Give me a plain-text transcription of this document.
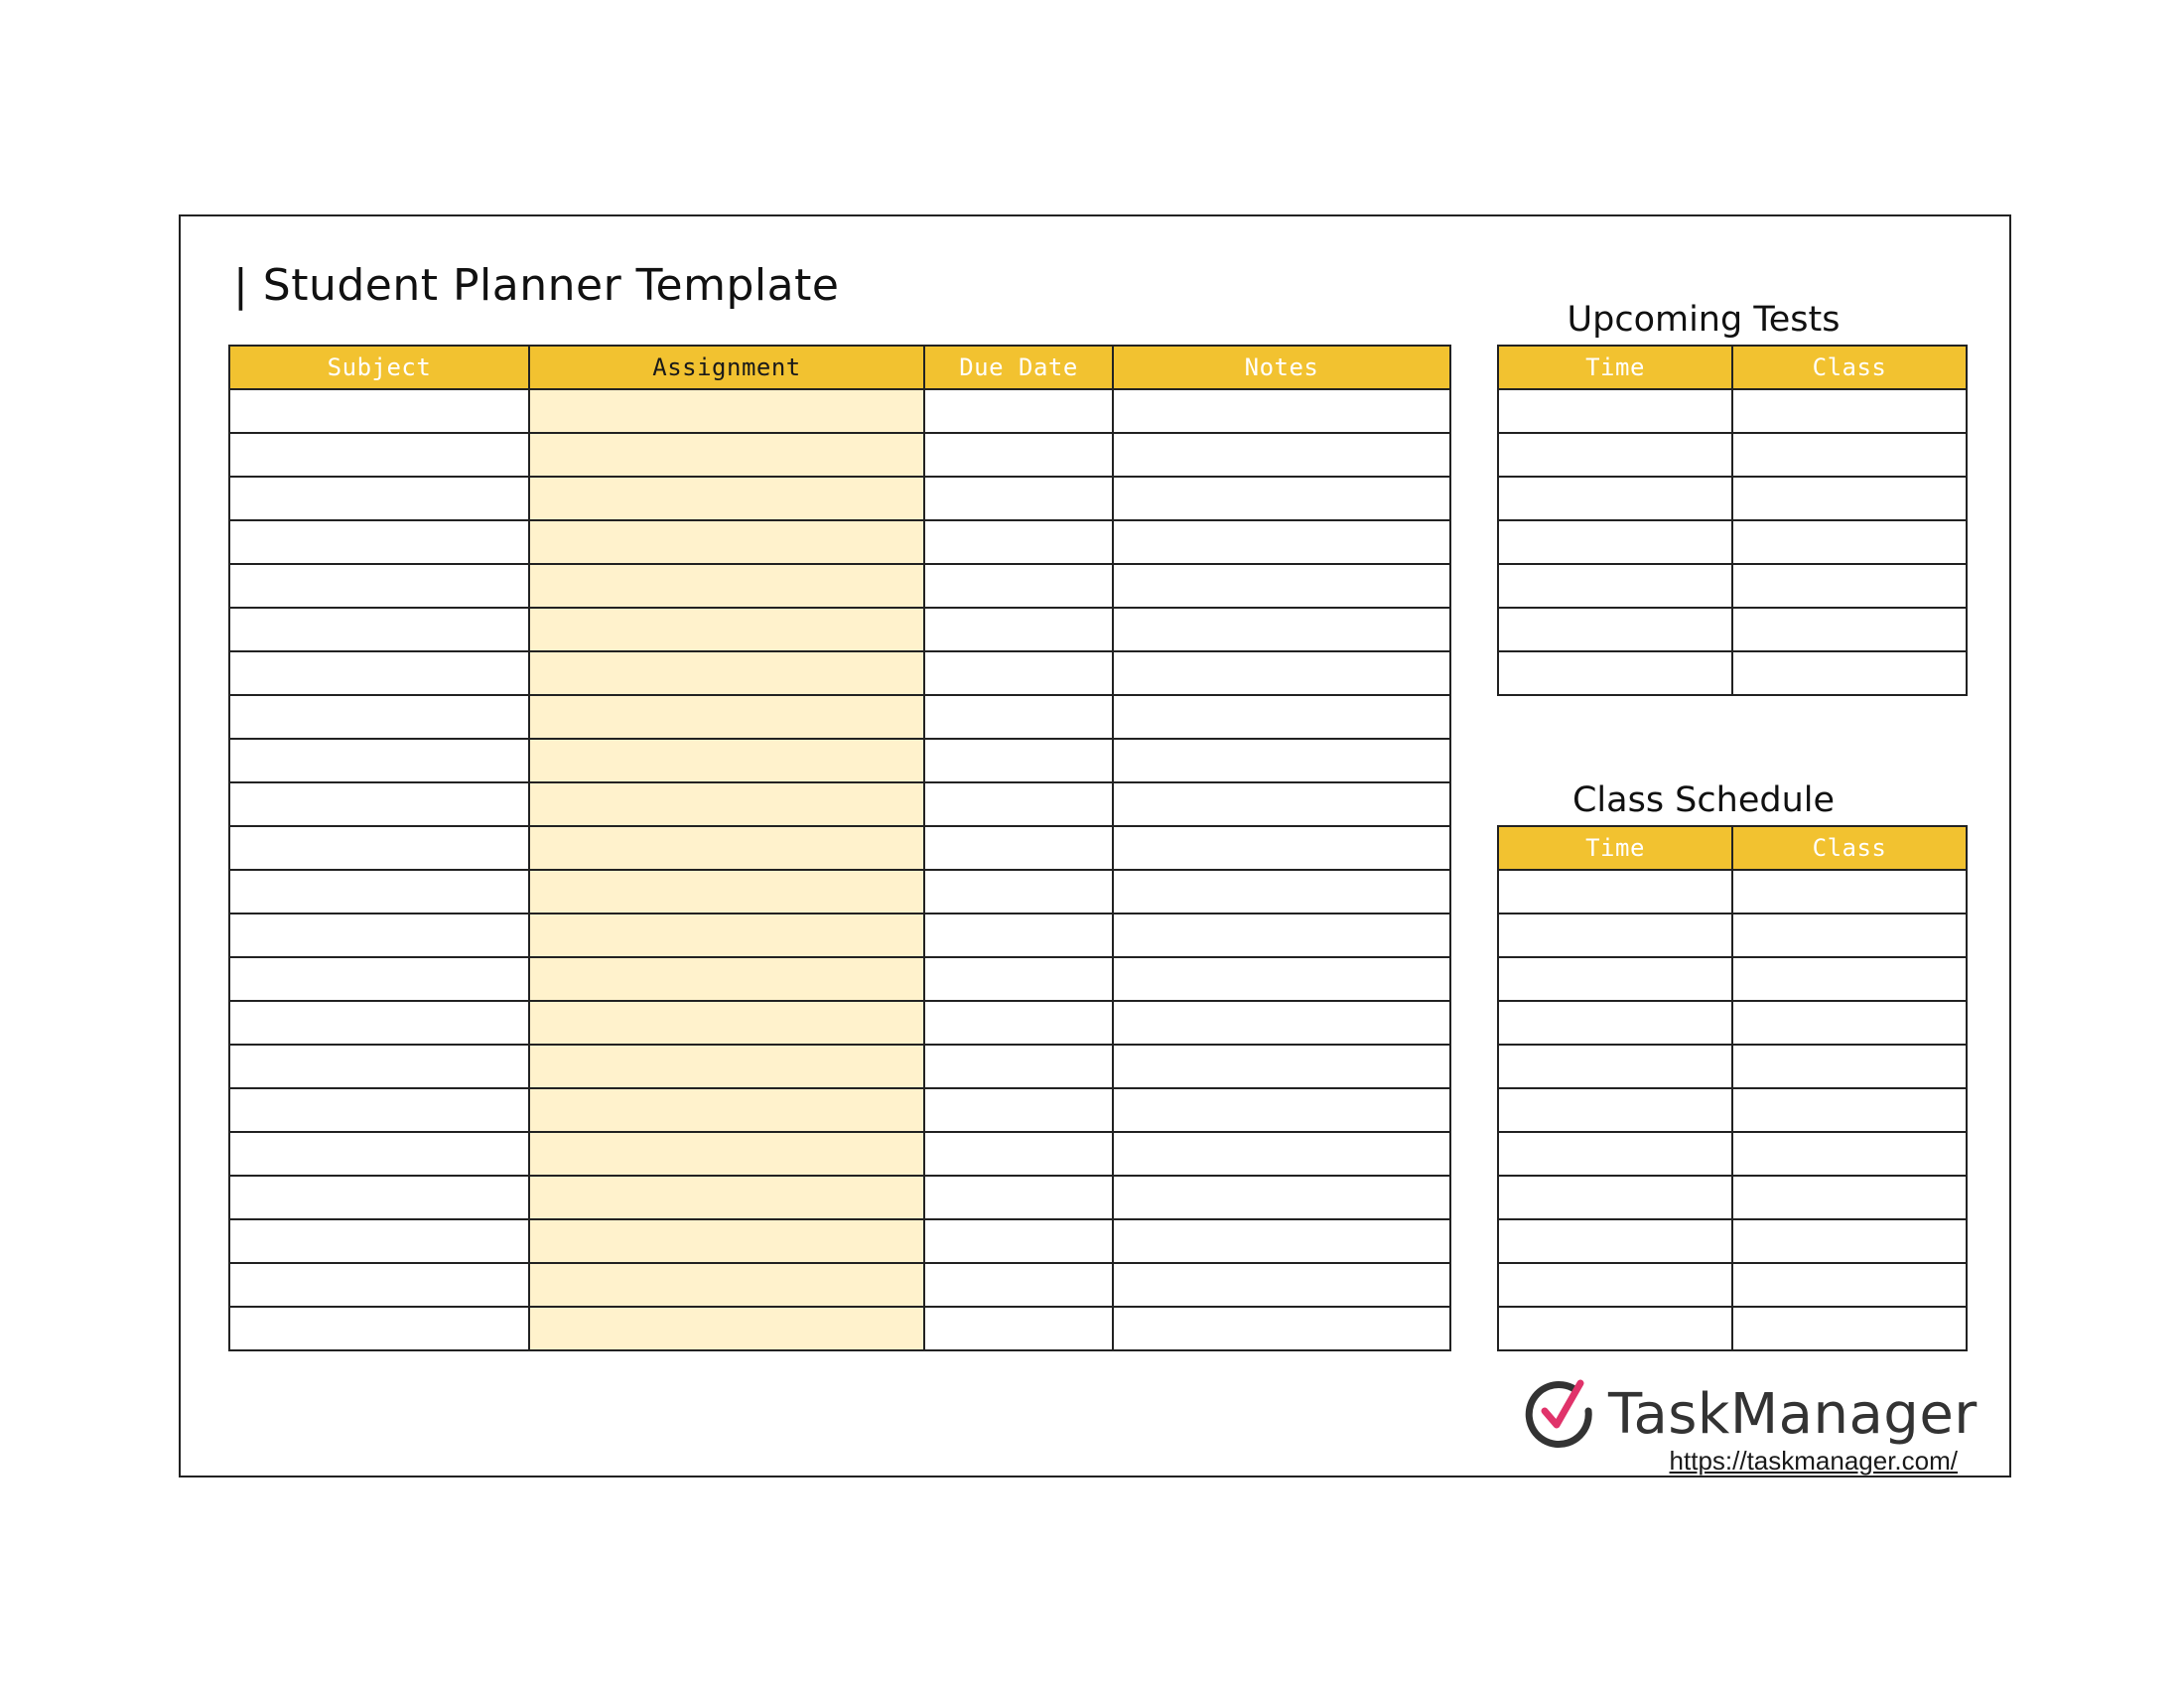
| Student Planner Template
Subject	Assignment	Due Date	Notes

Upcoming Tests
Time	Class

Class Schedule
Time	Class

TaskManager
https://taskmanager.com/
